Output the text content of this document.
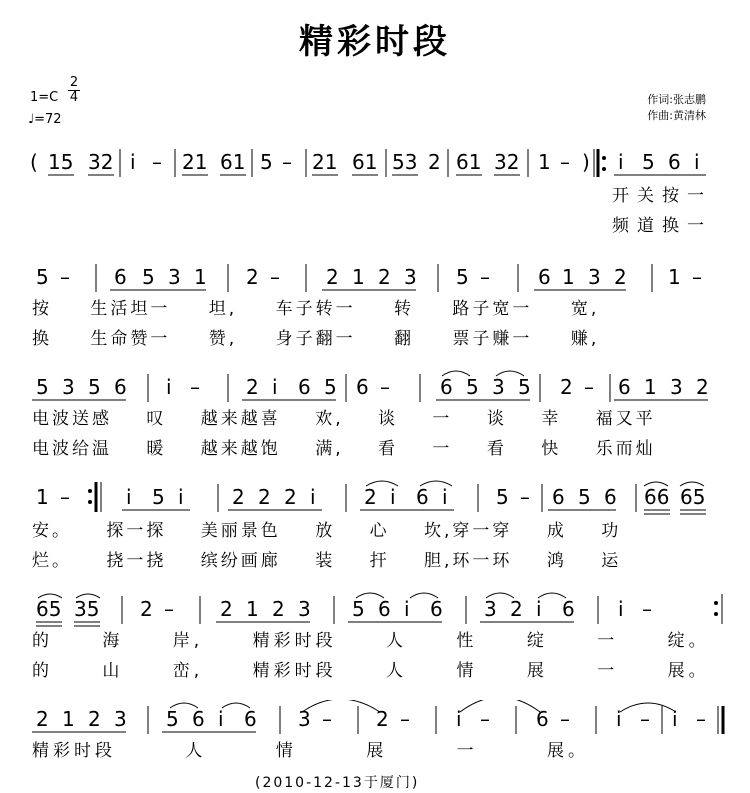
精彩时段
1=C
2
4
♩=72
作词:张志鹏
作曲:黄清林
( 15 32 i – 21 61 5 – 21 61 53 2 61 32 1 – ) i 5 6 i
开关按一
频道换一
5 – 6 5 3 1 2 – 2 1 2 3 5 – 6 1 3 2 1 –
按 生活坦一 坦, 车子转一 转 路子宽一 宽,
换 生命赞一 赞, 身子翻一 翻 票子赚一 赚,
5 3 5 6 i – 2 i 6 5 6 –	6 5 3 5 2 – 6 1 3 2
电波送感 叹 越来越喜 欢, 谈 一 谈 幸 福又平
电波给温 暖 越来越饱 满, 看 一 看 快 乐而灿
1 –	i 5 i 2 2 2 i 2 i 6 i 5 – 6 5 6 66 65
安。 探一探 美丽景色 放 心 坎,穿一穿 成 功
烂。 挠一挠 缤纷画廊 装 扞 胆,环一环 鸿 运
65 35 2 – 2 1 2 3 5 6 i 6 3 2 i 6 i –
的 海 岸, 精彩时段 人 性 绽 一 绽。
的 山 峦, 精彩时段 人 情 展 一 展。
2 1 2 3 5 6 i 6 3 – 2 – i – 6 – i – i –
精彩时段 人 情 展 一 展。
(2010-12-13于厦门)
